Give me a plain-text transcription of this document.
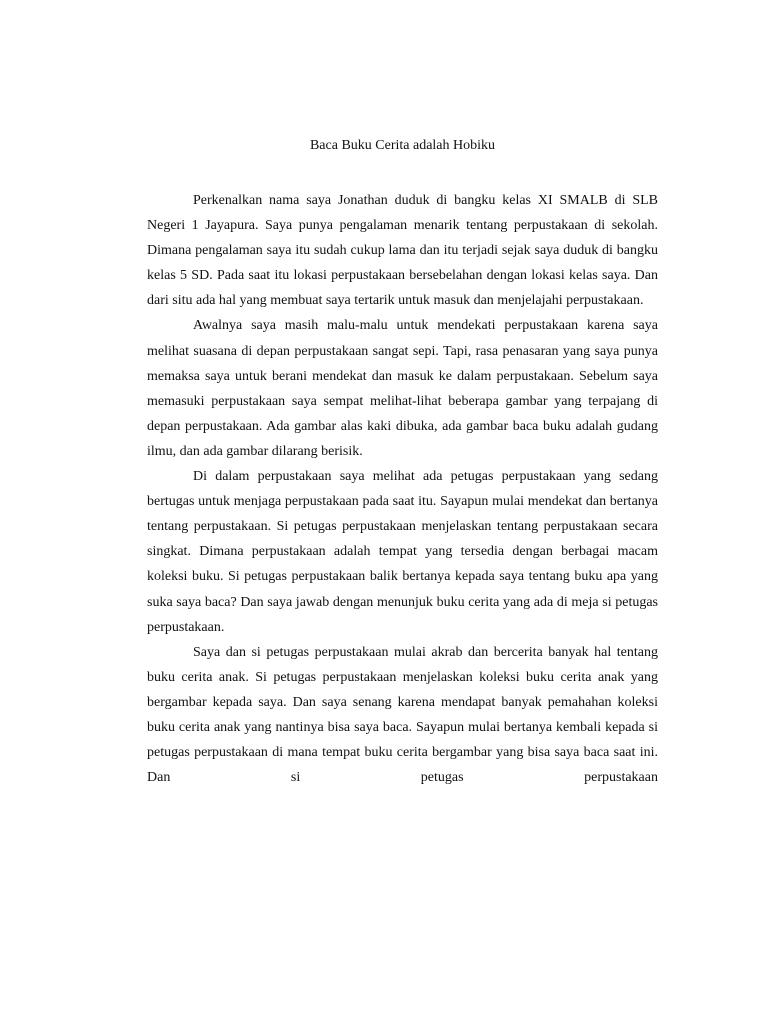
Baca Buku Cerita adalah Hobiku

Perkenalkan nama saya Jonathan duduk di bangku kelas XI SMALB di SLB Negeri 1 Jayapura. Saya punya pengalaman menarik tentang perpustakaan di sekolah. Dimana pengalaman saya itu sudah cukup lama dan itu terjadi sejak saya duduk di bangku kelas 5 SD. Pada saat itu lokasi perpustakaan bersebelahan dengan lokasi kelas saya. Dan dari situ ada hal yang membuat saya tertarik untuk masuk dan menjelajahi perpustakaan.

Awalnya saya masih malu-malu untuk mendekati perpustakaan karena saya melihat suasana di depan perpustakaan sangat sepi. Tapi, rasa penasaran yang saya punya memaksa saya untuk berani mendekat dan masuk ke dalam perpustakaan. Sebelum saya memasuki perpustakaan saya sempat melihat-lihat beberapa gambar yang terpajang di depan perpustakaan. Ada gambar alas kaki dibuka, ada gambar baca buku adalah gudang ilmu, dan ada gambar dilarang berisik.

Di dalam perpustakaan saya melihat ada petugas perpustakaan yang sedang bertugas untuk menjaga perpustakaan pada saat itu. Sayapun mulai mendekat dan bertanya tentang perpustakaan. Si petugas perpustakaan menjelaskan tentang perpustakaan secara singkat. Dimana perpustakaan adalah tempat yang tersedia dengan berbagai macam koleksi buku. Si petugas perpustakaan balik bertanya kepada saya tentang buku apa yang suka saya baca? Dan saya jawab dengan menunjuk buku cerita yang ada di meja si petugas perpustakaan.

Saya dan si petugas perpustakaan mulai akrab dan bercerita banyak hal tentang buku cerita anak. Si petugas perpustakaan menjelaskan koleksi buku cerita anak yang bergambar kepada saya. Dan saya senang karena mendapat banyak pemahahan koleksi buku cerita anak yang nantinya bisa saya baca. Sayapun mulai bertanya kembali kepada si petugas perpustakaan di mana tempat buku cerita bergambar yang bisa saya baca saat ini. Dan si petugas perpustakaan
